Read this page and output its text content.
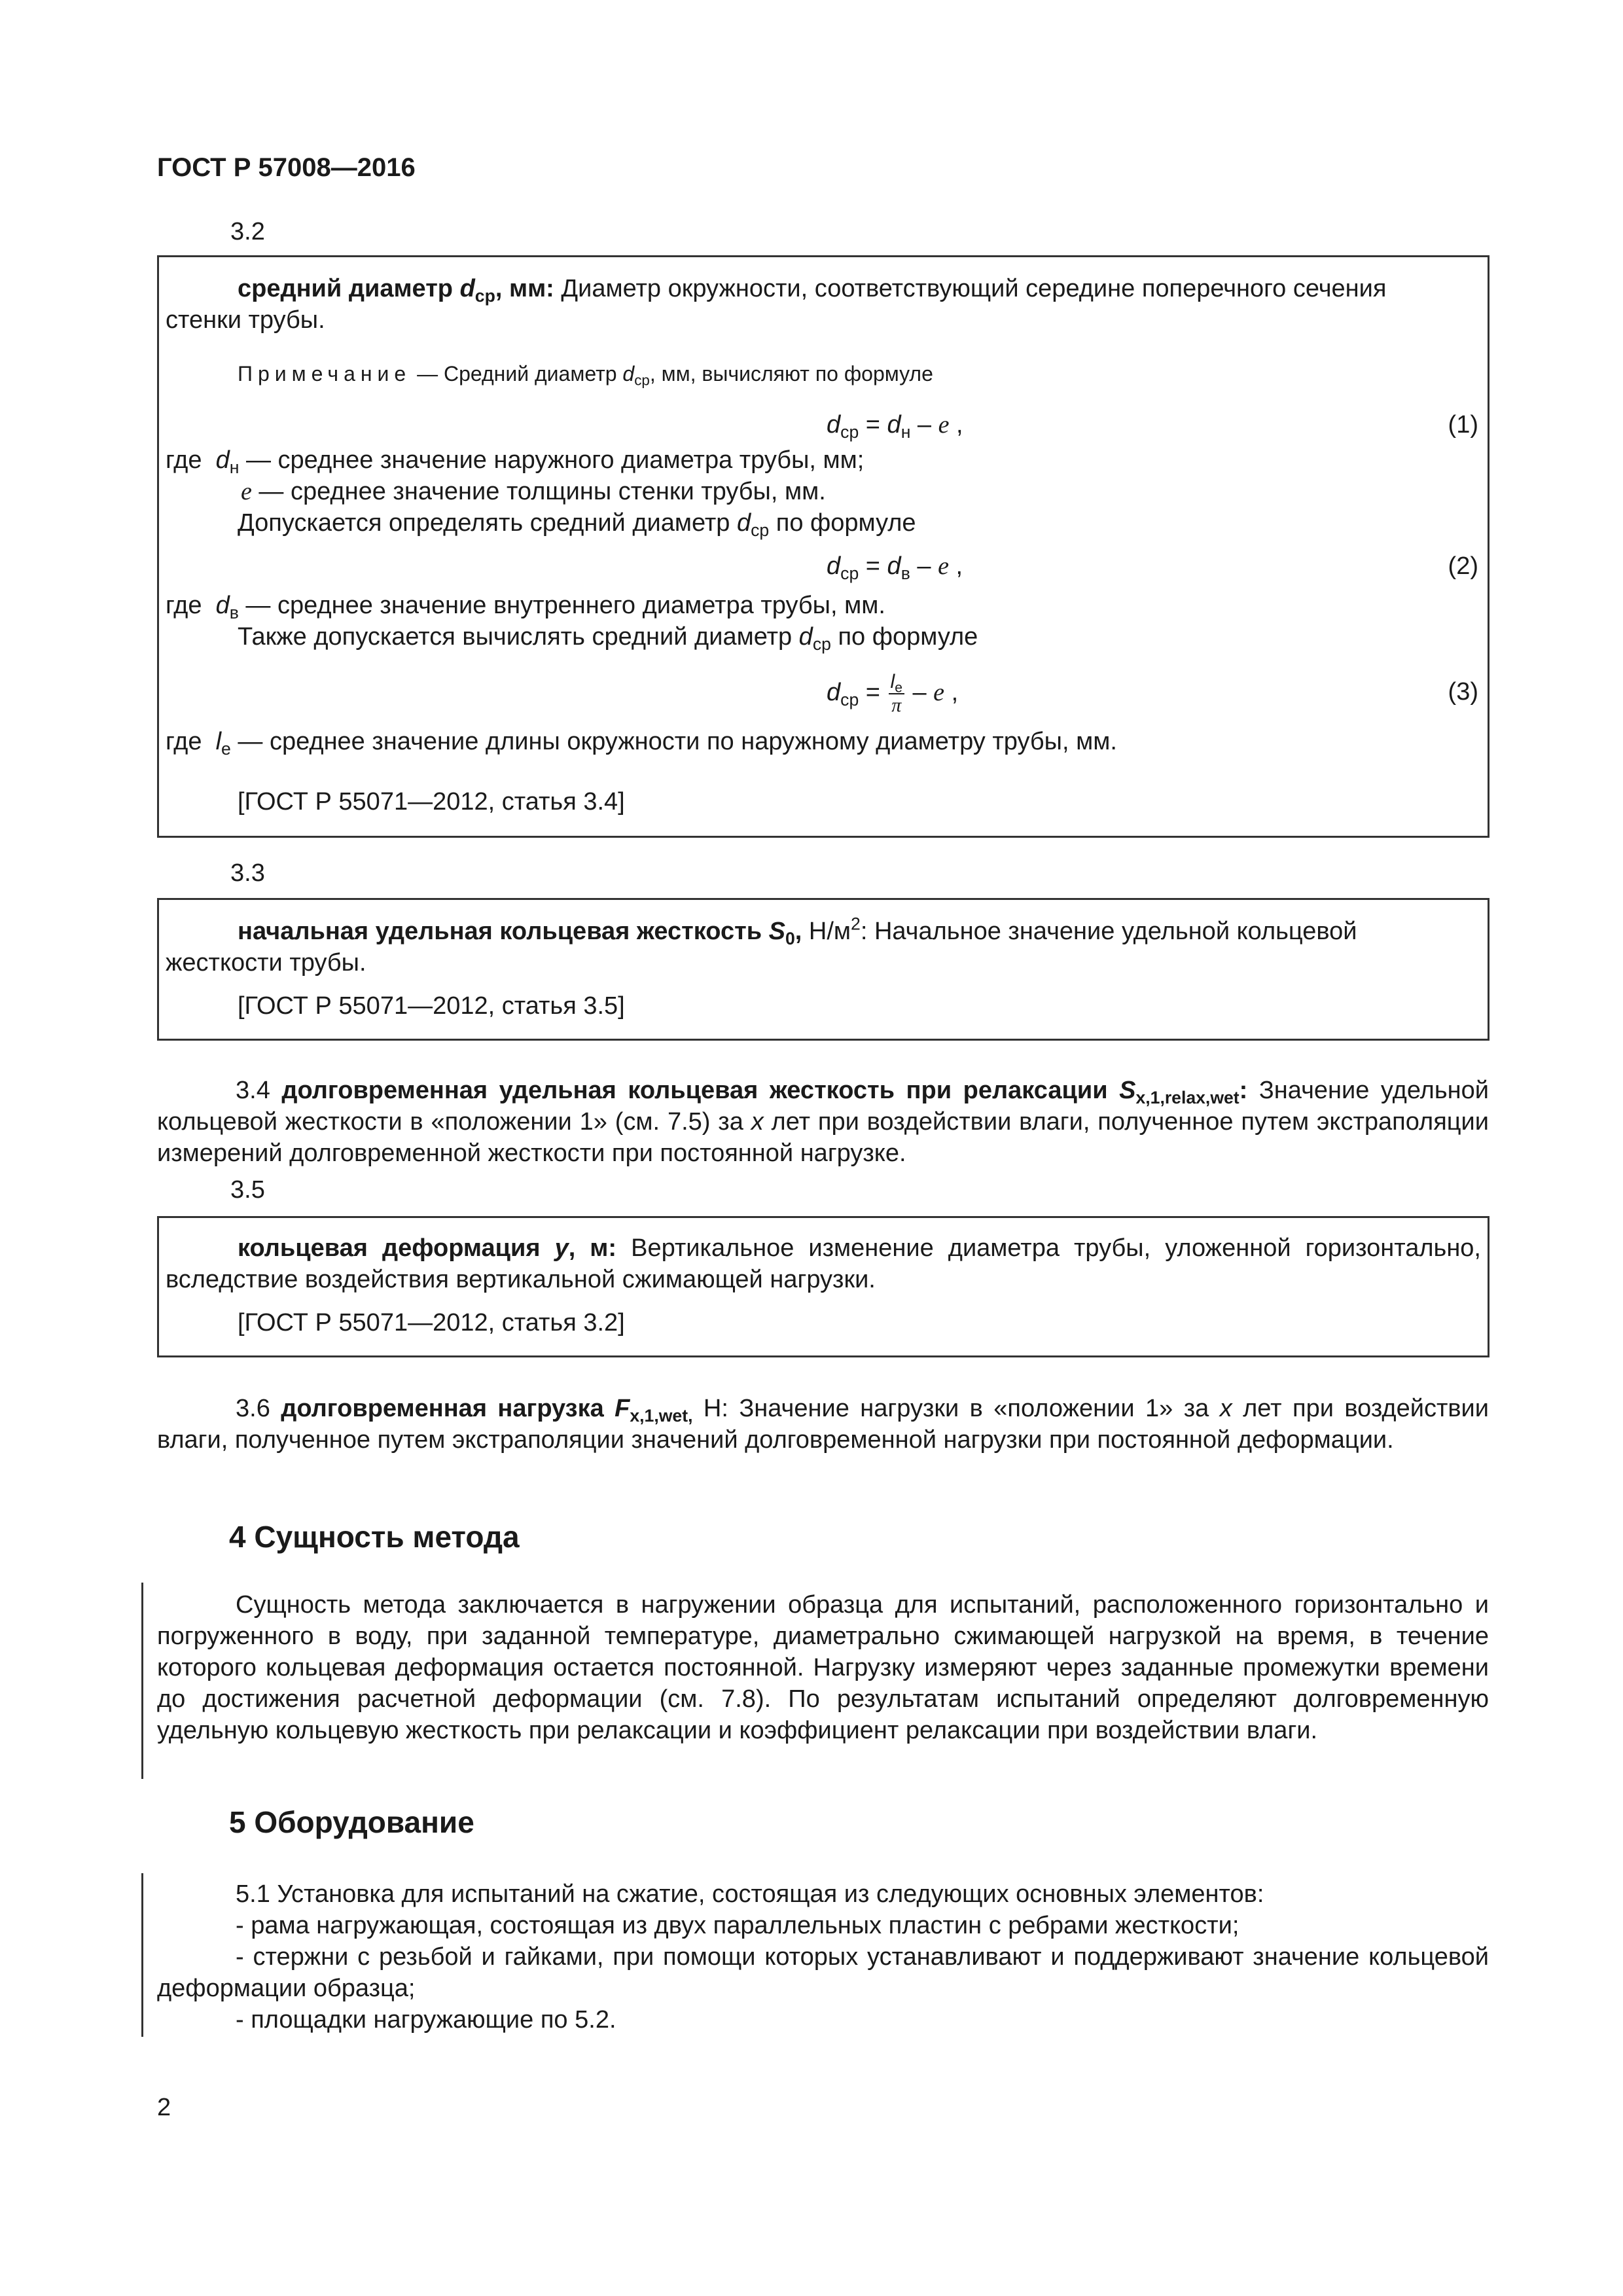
ГОСТ Р 57008—2016
3.2
средний диаметр $d_{ср}$, мм: Диаметр окружности, соответствующий середине поперечного сечения
стенки трубы.
Примечание — Средний диаметр $d_{ср}$, мм, вычисляют по формуле
$d_{ср} = d_н - e$ ,	(1)
где $d_н$ — среднее значение наружного диаметра трубы, мм;
e — среднее значение толщины стенки трубы, мм.
Допускается определять средний диаметр $d_{ср}$ по формуле
$d_{ср} = d_в - e$ ,	(2)
где $d_в$ — среднее значение внутреннего диаметра трубы, мм.
Также допускается вычислять средний диаметр $d_{ср}$ по формуле
$d_{ср} = \frac{l_e}{\pi} - e$ ,	(3)
где $l_e$ — среднее значение длины окружности по наружному диаметру трубы, мм.
[ГОСТ Р 55071—2012, статья 3.4]
3.3
начальная удельная кольцевая жесткость $S_0$, $Н/м^2$: Начальное значение удельной кольцевой
жесткости трубы.
[ГОСТ Р 55071—2012, статья 3.5]
3.4 долговременная удельная кольцевая жесткость при релаксации $S_{x,1,relax,wet}$: Значение удельной кольцевой жесткости в «положении 1» (см. 7.5) за x лет при воздействии влаги, полученное путем экстраполяции измерений долговременной жесткости при постоянной нагрузке.
3.5
кольцевая деформация y, м: Вертикальное изменение диаметра трубы, уложенной горизонтально, вследствие воздействия вертикальной сжимающей нагрузки.
[ГОСТ Р 55071—2012, статья 3.2]
3.6 долговременная нагрузка $F_{x,1,wet,}$ Н: Значение нагрузки в «положении 1» за x лет при воздействии влаги, полученное путем экстраполяции значений долговременной нагрузки при постоянной деформации.
4 Сущность метода
Сущность метода заключается в нагружении образца для испытаний, расположенного горизонтально и погруженного в воду, при заданной температуре, диаметрально сжимающей нагрузкой на время, в течение которого кольцевая деформация остается постоянной. Нагрузку измеряют через заданные промежутки времени до достижения расчетной деформации (см. 7.8). По результатам испытаний определяют долговременную удельную кольцевую жесткость при релаксации и коэффициент релаксации при воздействии влаги.
5 Оборудование
5.1 Установка для испытаний на сжатие, состоящая из следующих основных элементов:
- рама нагружающая, состоящая из двух параллельных пластин с ребрами жесткости;
- стержни с резьбой и гайками, при помощи которых устанавливают и поддерживают значение кольцевой деформации образца;
- площадки нагружающие по 5.2.
2
